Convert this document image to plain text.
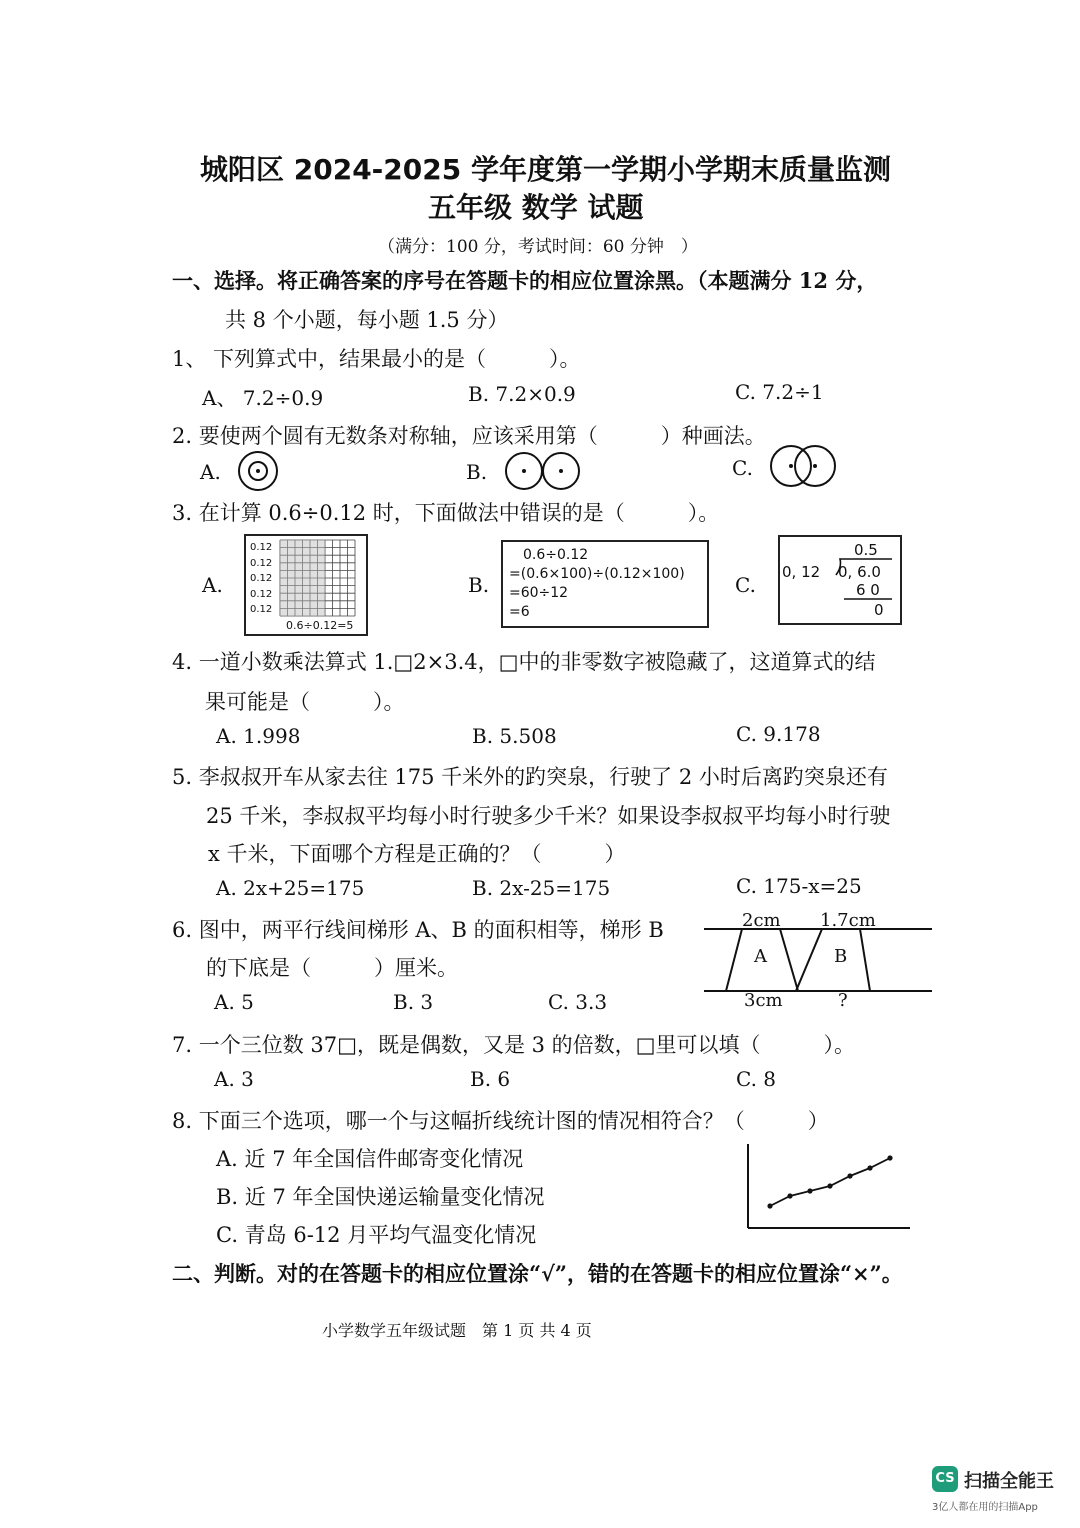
城阳区 2024-2025 学年度第一学期小学期末质量监测
五年级 数学 试题
（满分：100 分，考试时间：60 分钟　）
一、选择。将正确答案的序号在答题卡的相应位置涂黑。（本题满分 12 分，
共 8 个小题，每小题 1.5 分）
1、 下列算式中，结果最小的是（　　　）。
A、 7.2÷0.9	B. 7.2×0.9	C. 7.2÷1
2. 要使两个圆有无数条对称轴，应该采用第（　　　）种画法。
A.	B.	C.
3. 在计算 0.6÷0.12 时，下面做法中错误的是（　　　）。
A.
0.12
0.12
0.12
0.12
0.12
0.6÷0.12=5
B.
0.6÷0.12
=(0.6×100)÷(0.12×100)
=60÷12
=6
C.
0.5
0, 12 0, 6.0
6 0
0
4. 一道小数乘法算式 1.□2×3.4，□中的非零数字被隐藏了，这道算式的结
果可能是（　　　）。
A. 1.998	B. 5.508	C. 9.178
5. 李叔叔开车从家去往 175 千米外的趵突泉，行驶了 2 小时后离趵突泉还有
25 千米，李叔叔平均每小时行驶多少千米？如果设李叔叔平均每小时行驶
x 千米，下面哪个方程是正确的？（　　　）
A. 2x+25=175	B. 2x-25=175	C. 175-x=25
6. 图中，两平行线间梯形 A、B 的面积相等，梯形 B
的下底是（　　　）厘米。
A. 5	B. 3	C. 3.3
2cm 1.7cm
A	B
3cm	?
7. 一个三位数 37□，既是偶数，又是 3 的倍数，□里可以填（　　　）。
A. 3	B. 6	C. 8
8. 下面三个选项，哪一个与这幅折线统计图的情况相符合？（　　　）
A. 近 7 年全国信件邮寄变化情况
B. 近 7 年全国快递运输量变化情况
C. 青岛 6-12 月平均气温变化情况
二、判断。对的在答题卡的相应位置涂“√”，错的在答题卡的相应位置涂“×”。
小学数学五年级试题　第 1 页 共 4 页
CS 扫描全能王
3亿人都在用的扫描App
